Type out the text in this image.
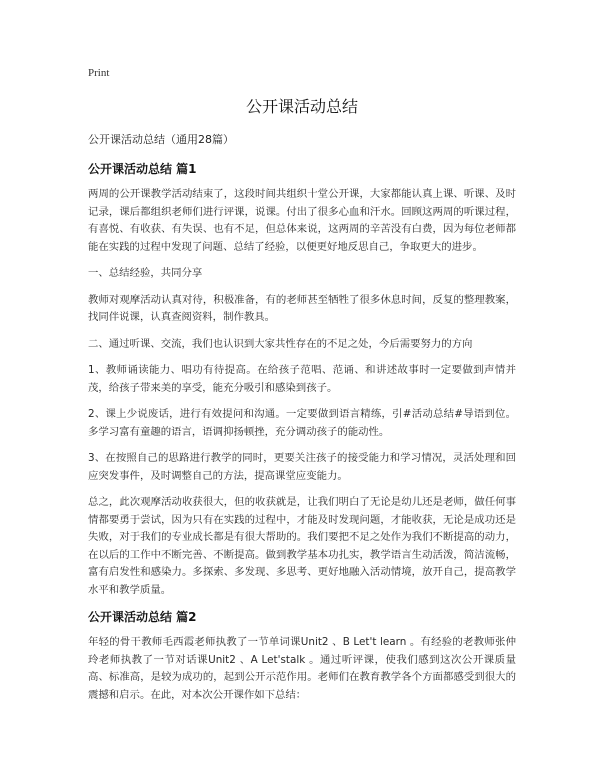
Print
公开课活动总结
公开课活动总结（通用28篇）
公开课活动总结 篇1

两周的公开课教学活动结束了，这段时间共组织十堂公开课，大家都能认真上课、听课、及时记录，课后都组织老师们进行评课，说课。付出了很多心血和汗水。回顾这两周的听课过程，有喜悦、有收获、有失误、也有不足，但总体来说，这两周的辛苦没有白费，因为每位老师都能在实践的过程中发现了问题、总结了经验，以便更好地反思自己，争取更大的进步。

一、总结经验，共同分享

教师对观摩活动认真对待，积极准备，有的老师甚至牺牲了很多休息时间，反复的整理教案，找同伴说课，认真查阅资料，制作教具。

二、通过听课、交流，我们也认识到大家共性存在的不足之处，今后需要努力的方向

1、教师诵读能力、唱功有待提高。在给孩子范唱、范诵、和讲述故事时一定要做到声情并茂，给孩子带来美的享受，能充分吸引和感染到孩子。

2、课上少说废话，进行有效提问和沟通。一定要做到语言精练，引#活动总结#导语到位。多学习富有童趣的语言，语调抑扬顿挫，充分调动孩子的能动性。

3、在按照自己的思路进行教学的同时，更要关注孩子的接受能力和学习情况，灵活处理和回应突发事件，及时调整自己的方法，提高课堂应变能力。

总之，此次观摩活动收获很大，但的收获就是，让我们明白了无论是幼儿还是老师，做任何事情都要勇于尝试，因为只有在实践的过程中，才能及时发现问题，才能收获，无论是成功还是失败，对于我们的专业成长都是有很大帮助的。我们要把不足之处作为我们不断提高的动力，在以后的工作中不断完善、不断提高。做到教学基本功扎实，教学语言生动活泼，简洁流畅，富有启发性和感染力。多探索、多发现、多思考、更好地融入活动情境，放开自己，提高教学水平和教学质量。

公开课活动总结 篇2

年轻的骨干教师毛西霞老师执教了一节单词课Unit2 、B Let't learn 。有经验的老教师张仲玲老师执教了一节对话课Unit2 、A Let'stalk 。通过听评课，使我们感到这次公开课质量高、标准高，是较为成功的，起到公开示范作用。老师们在教育教学各个方面都感受到很大的震撼和启示。在此，对本次公开课作如下总结：
